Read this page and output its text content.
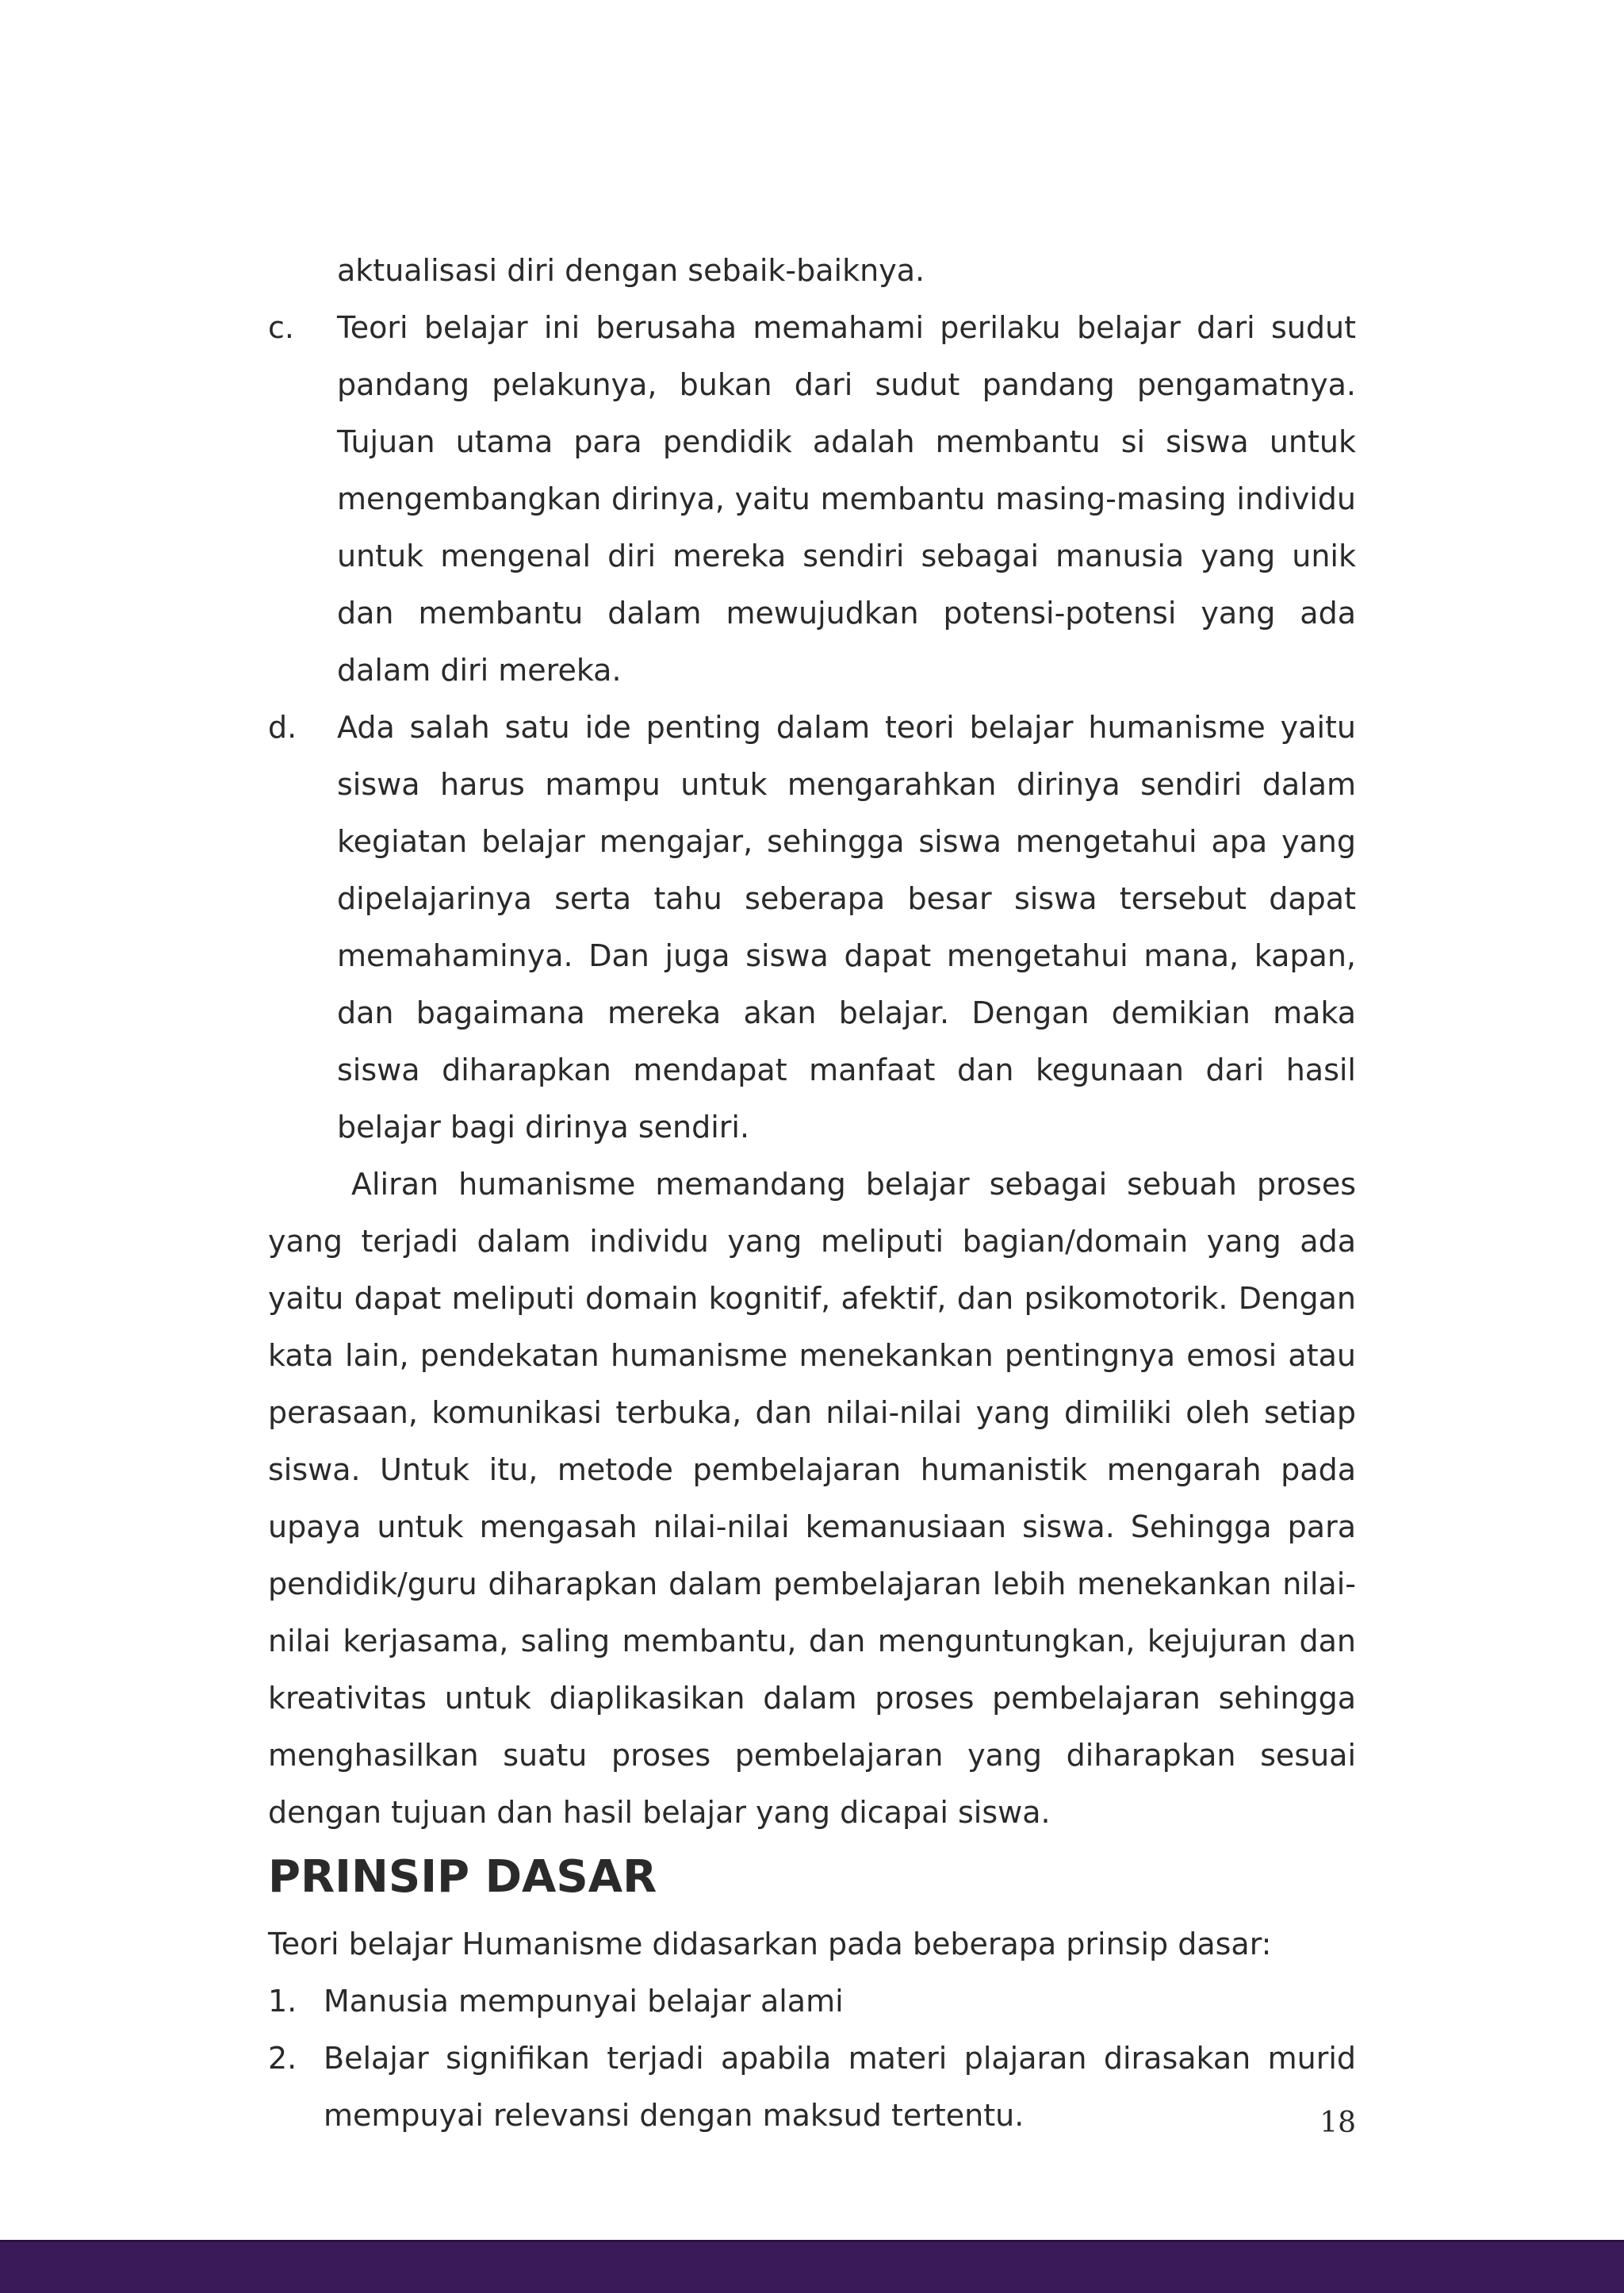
aktualisasi diri dengan sebaik-baiknya.
c. Teori belajar ini berusaha memahami perilaku belajar dari sudut pandang pelakunya, bukan dari sudut pandang pengamatnya. Tujuan utama para pendidik adalah membantu si siswa untuk mengembangkan dirinya, yaitu membantu masing-masing individu untuk mengenal diri mereka sendiri sebagai manusia yang unik dan membantu dalam mewujudkan potensi-potensi yang ada dalam diri mereka.
d. Ada salah satu ide penting dalam teori belajar humanisme yaitu siswa harus mampu untuk mengarahkan dirinya sendiri dalam kegiatan belajar mengajar, sehingga siswa mengetahui apa yang dipelajarinya serta tahu seberapa besar siswa tersebut dapat memahaminya. Dan juga siswa dapat mengetahui mana, kapan, dan bagaimana mereka akan belajar. Dengan demikian maka siswa diharapkan mendapat manfaat dan kegunaan dari hasil belajar bagi dirinya sendiri.
Aliran humanisme memandang belajar sebagai sebuah proses yang terjadi dalam individu yang meliputi bagian/domain yang ada yaitu dapat meliputi domain kognitif, afektif, dan psikomotorik. Dengan kata lain, pendekatan humanisme menekankan pentingnya emosi atau perasaan, komunikasi terbuka, dan nilai-nilai yang dimiliki oleh setiap siswa. Untuk itu, metode pembelajaran humanistik mengarah pada upaya untuk mengasah nilai-nilai kemanusiaan siswa. Sehingga para pendidik/guru diharapkan dalam pembelajaran lebih menekankan nilai-nilai kerjasama, saling membantu, dan menguntungkan, kejujuran dan kreativitas untuk diaplikasikan dalam proses pembelajaran sehingga menghasilkan suatu proses pembelajaran yang diharapkan sesuai dengan tujuan dan hasil belajar yang dicapai siswa.
PRINSIP DASAR
Teori belajar Humanisme didasarkan pada beberapa prinsip dasar:
1. Manusia mempunyai belajar alami
2. Belajar signifikan terjadi apabila materi plajaran dirasakan murid mempuyai relevansi dengan maksud tertentu.	18
